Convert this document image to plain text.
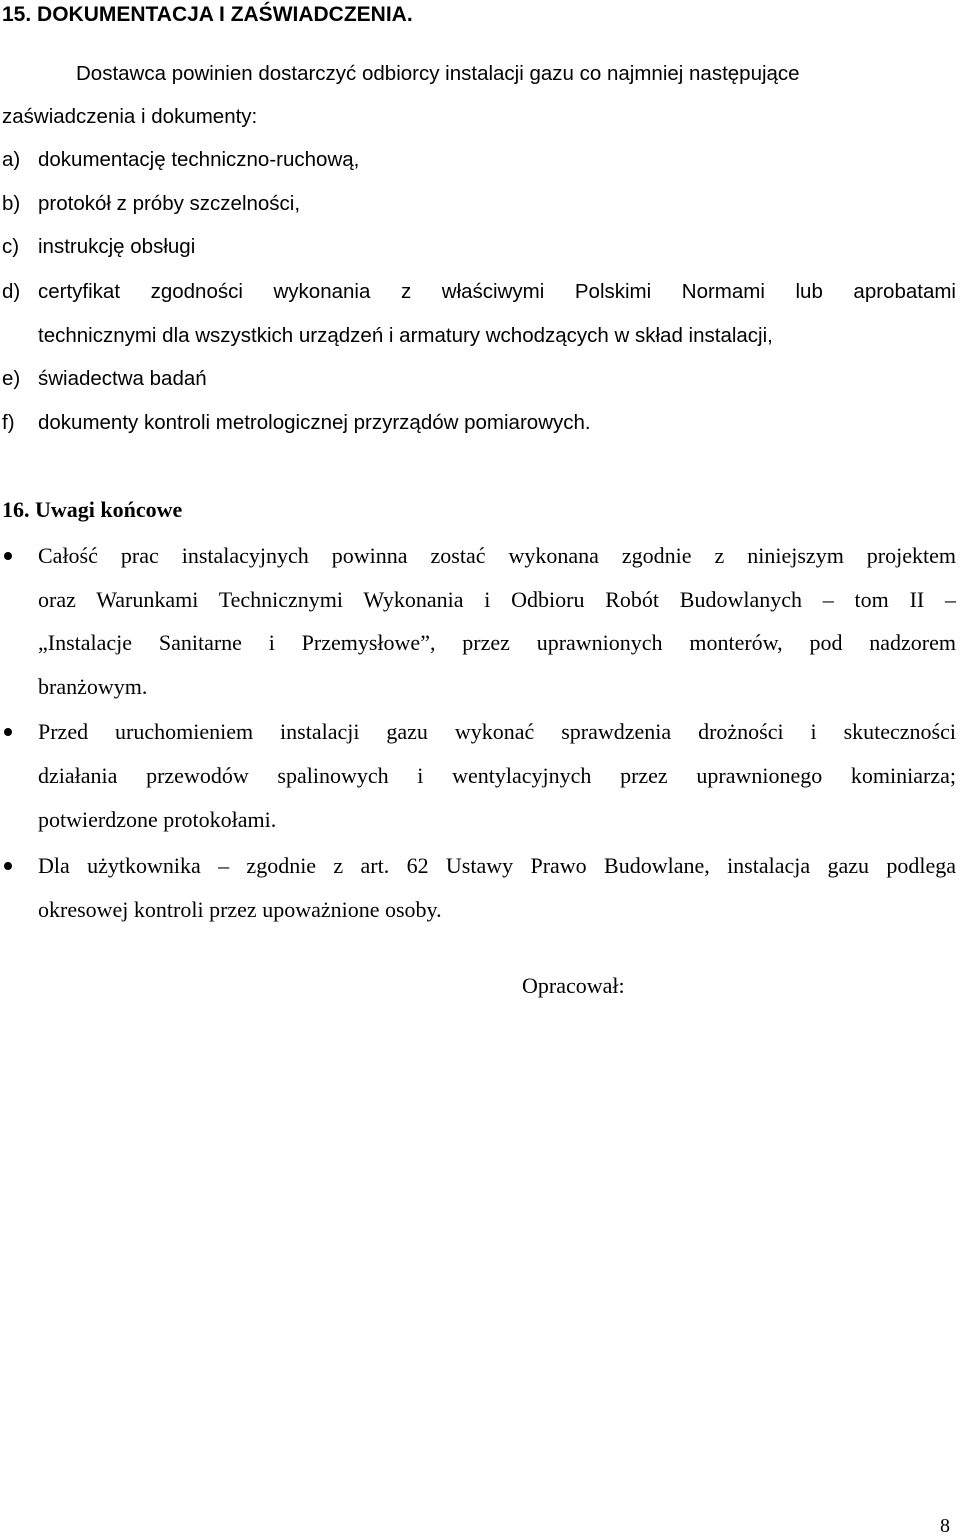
15. DOKUMENTACJA I ZAŚWIADCZENIA.
Dostawca powinien dostarczyć odbiorcy instalacji gazu co najmniej następujące
zaświadczenia i dokumenty:
a) dokumentację techniczno-ruchową,
b) protokół z próby szczelności,
c) instrukcję obsługi
d) certyfikat zgodności wykonania z właściwymi Polskimi Normami lub aprobatami
technicznymi dla wszystkich urządzeń i armatury wchodzących w skład instalacji,
e) świadectwa badań
f) dokumenty kontroli metrologicznej przyrządów pomiarowych.
16. Uwagi końcowe
Całość prac instalacyjnych powinna zostać wykonana zgodnie z niniejszym projektem
oraz Warunkami Technicznymi Wykonania i Odbioru Robót Budowlanych – tom II –
„Instalacje Sanitarne i Przemysłowe”, przez uprawnionych monterów, pod nadzorem
branżowym.
Przed uruchomieniem instalacji gazu wykonać sprawdzenia drożności i skuteczności
działania przewodów spalinowych i wentylacyjnych przez uprawnionego kominiarza;
potwierdzone protokołami.
Dla użytkownika – zgodnie z art. 62 Ustawy Prawo Budowlane, instalacja gazu podlega
okresowej kontroli przez upoważnione osoby.
Opracował:
8
